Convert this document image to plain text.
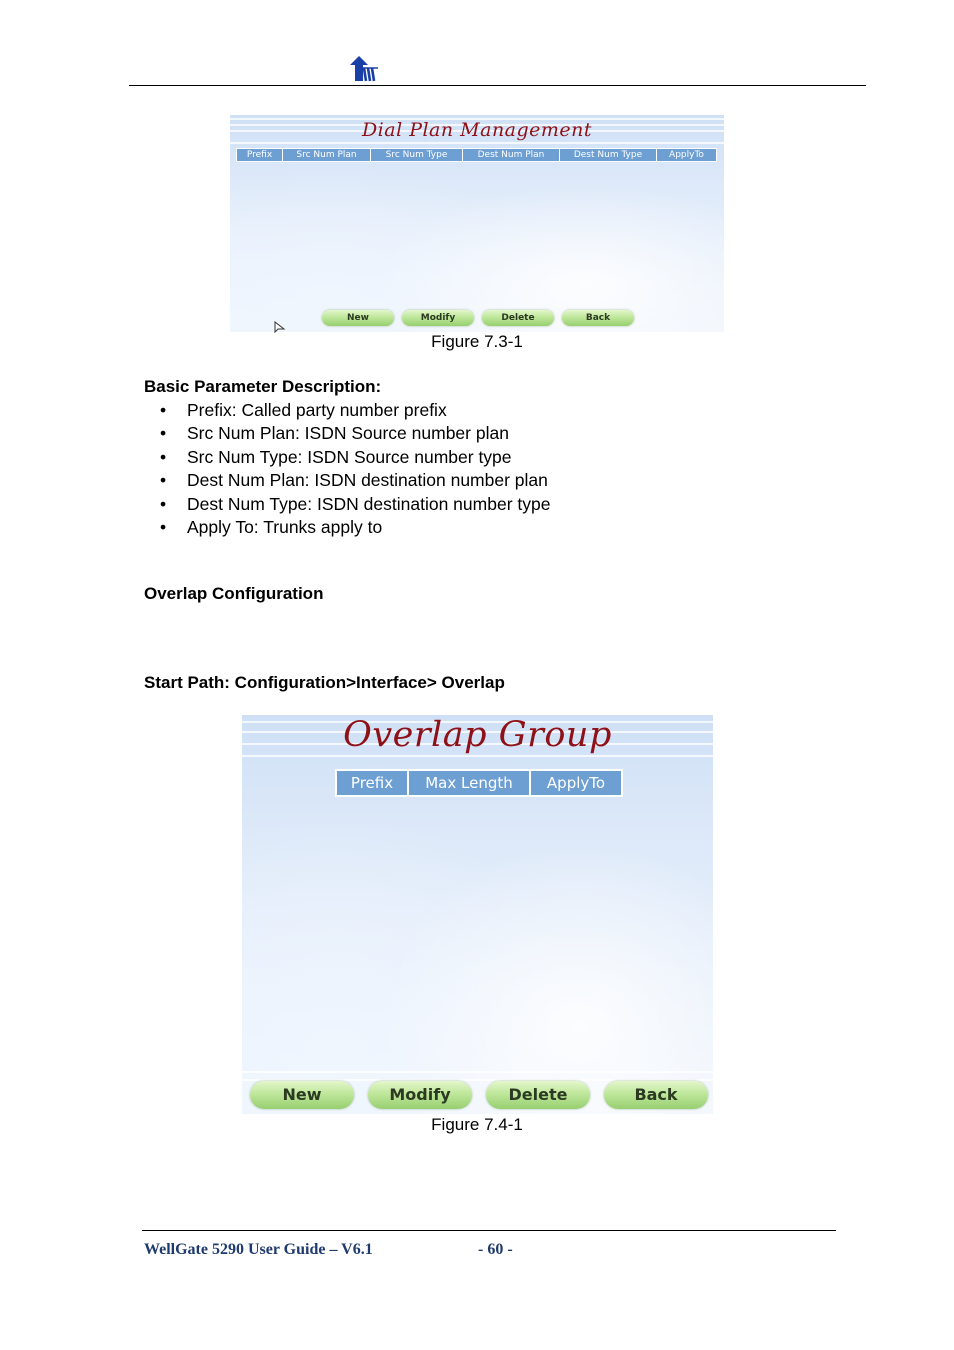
Dial Plan Management
Prefix	Src Num Plan	Src Num Type	Dest Num Plan	Dest Num Type	ApplyTo
New	Modify	Delete	Back
Figure 7.3-1
Basic Parameter Description:
• Prefix: Called party number prefix
• Src Num Plan: ISDN Source number plan
• Src Num Type: ISDN Source number type
• Dest Num Plan: ISDN destination number plan
• Dest Num Type: ISDN destination number type
• Apply To: Trunks apply to
Overlap Configuration
Start Path: Configuration>Interface> Overlap
Overlap Group
Prefix	Max Length	ApplyTo
New	Modify	Delete	Back
Figure 7.4-1
WellGate 5290 User Guide – V6.1	- 60 -
